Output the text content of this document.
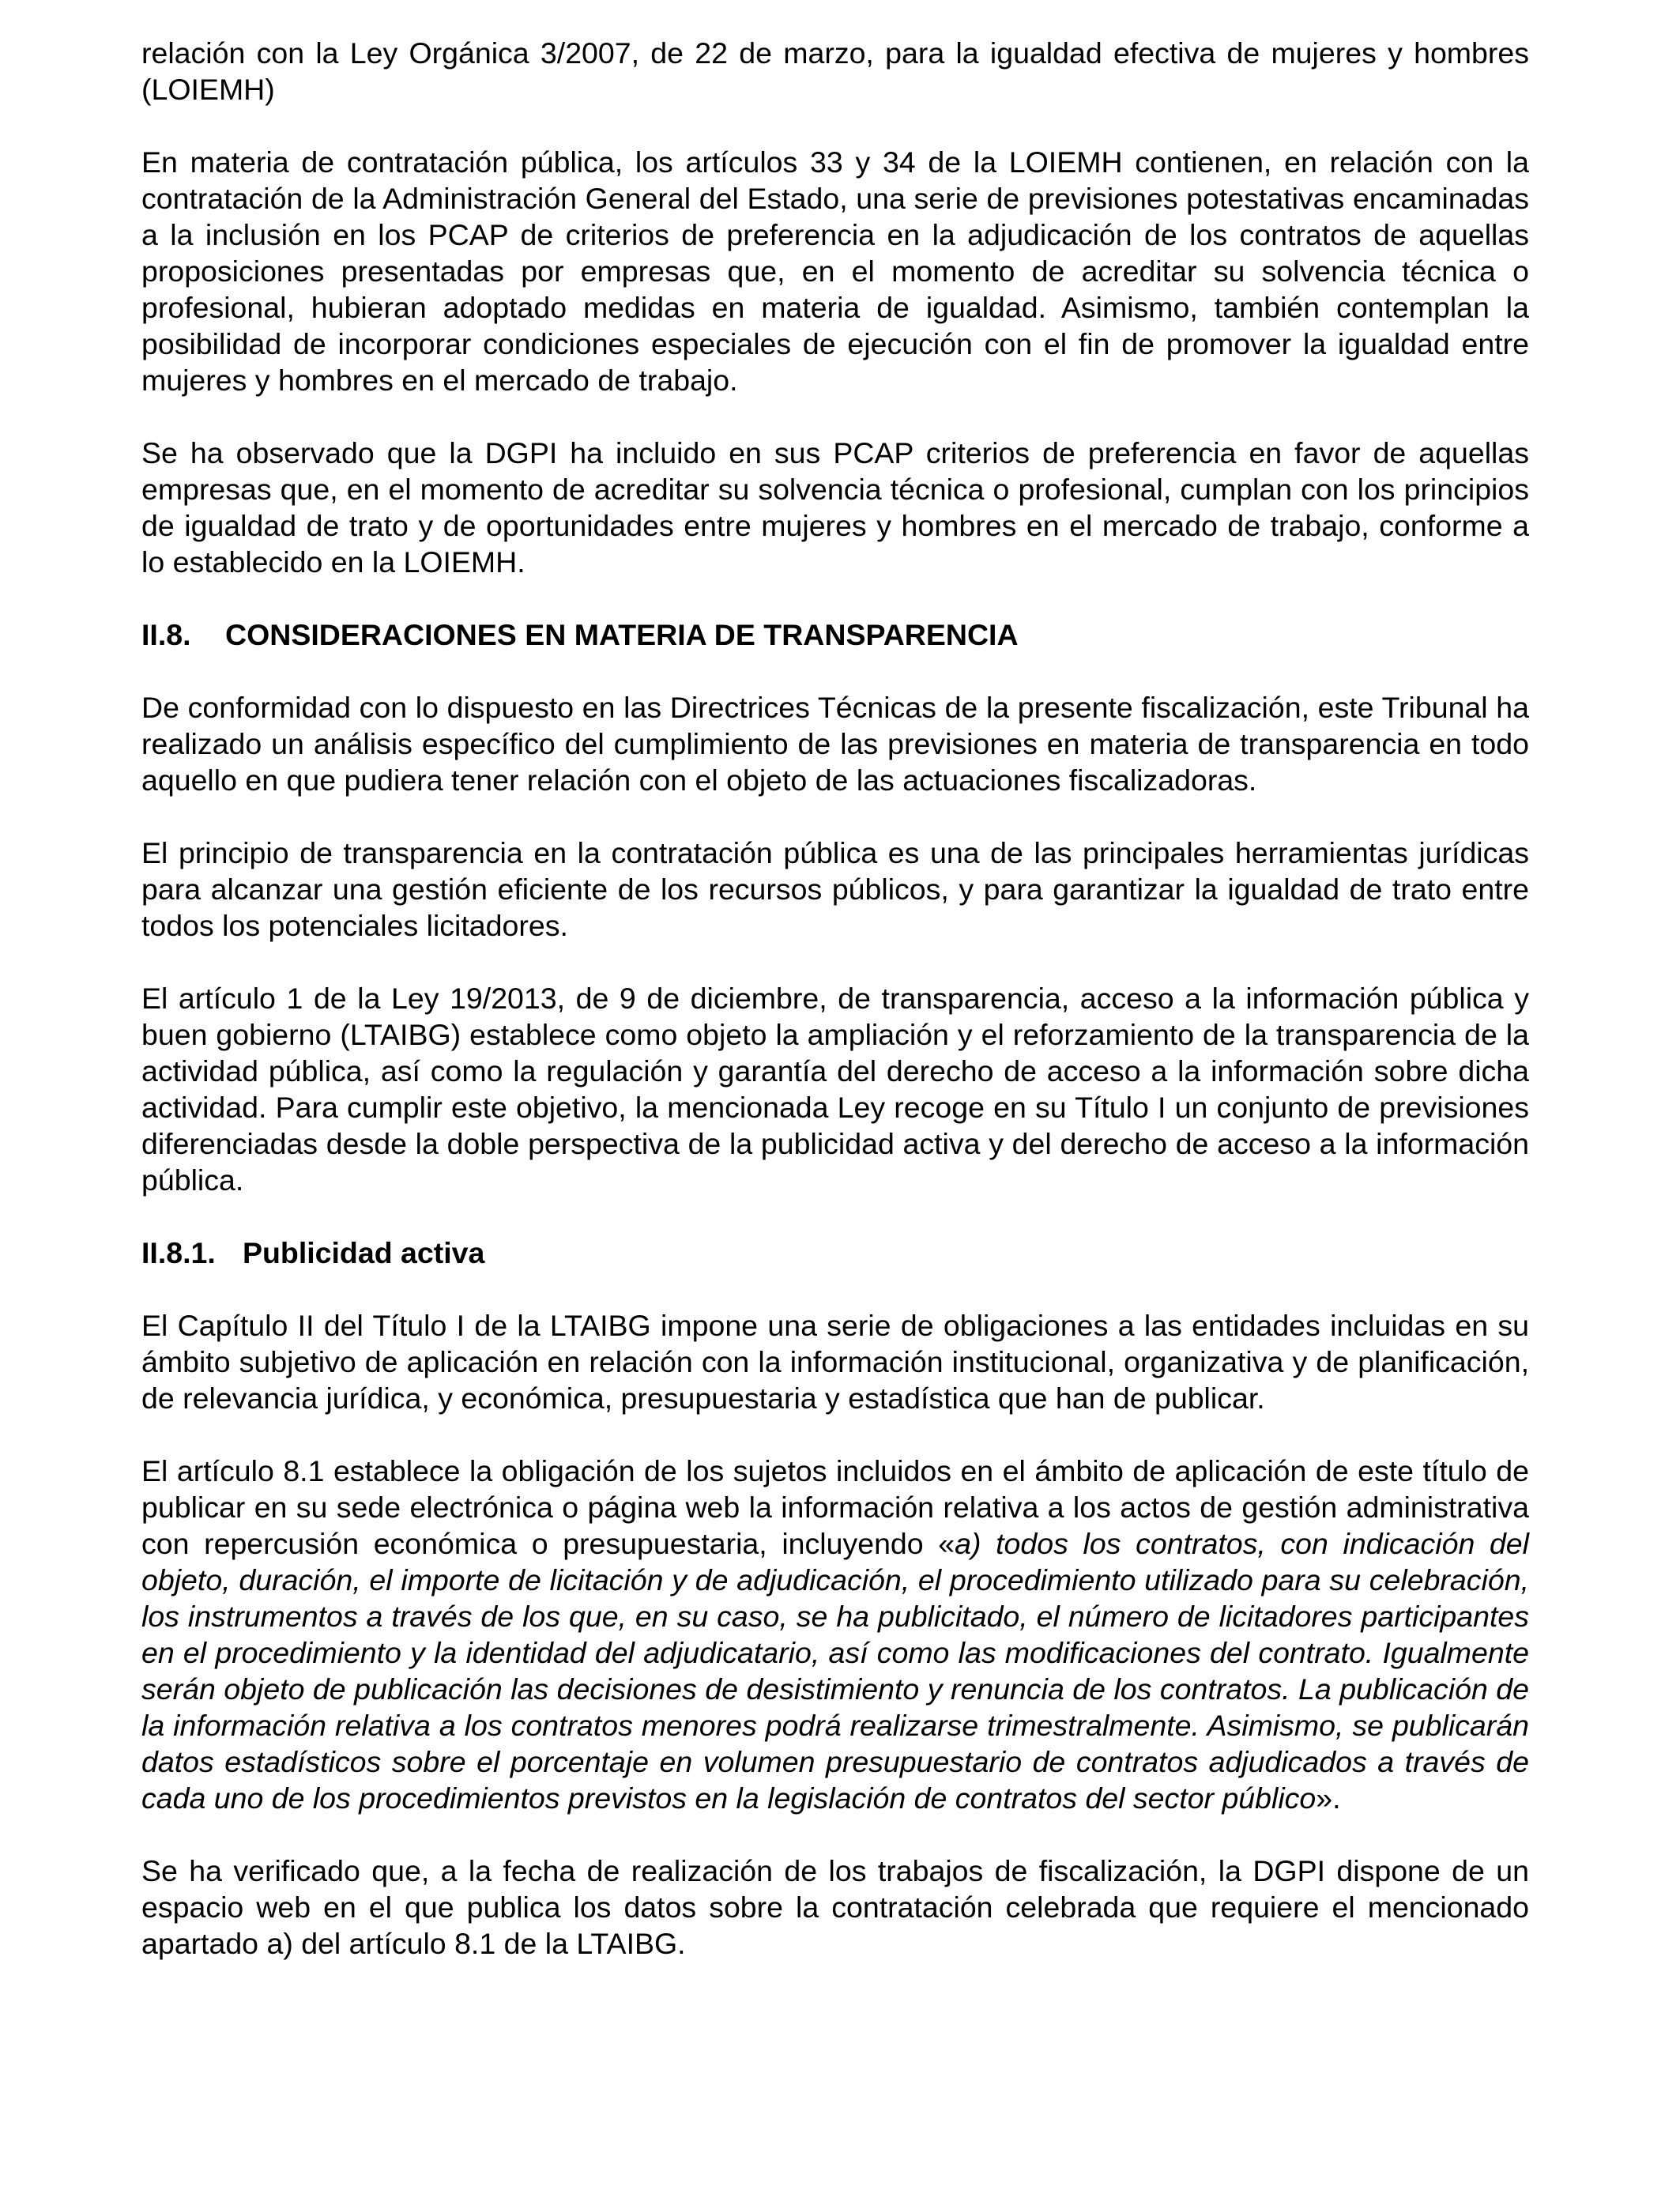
relación con la Ley Orgánica 3/2007, de 22 de marzo, para la igualdad efectiva de mujeres y hombres (LOIEMH)

En materia de contratación pública, los artículos 33 y 34 de la LOIEMH contienen, en relación con la contratación de la Administración General del Estado, una serie de previsiones potestativas encaminadas a la inclusión en los PCAP de criterios de preferencia en la adjudicación de los contratos de aquellas proposiciones presentadas por empresas que, en el momento de acreditar su solvencia técnica o profesional, hubieran adoptado medidas en materia de igualdad. Asimismo, también contemplan la posibilidad de incorporar condiciones especiales de ejecución con el fin de promover la igualdad entre mujeres y hombres en el mercado de trabajo.

Se ha observado que la DGPI ha incluido en sus PCAP criterios de preferencia en favor de aquellas empresas que, en el momento de acreditar su solvencia técnica o profesional, cumplan con los principios de igualdad de trato y de oportunidades entre mujeres y hombres en el mercado de trabajo, conforme a lo establecido en la LOIEMH.

II.8. CONSIDERACIONES EN MATERIA DE TRANSPARENCIA

De conformidad con lo dispuesto en las Directrices Técnicas de la presente fiscalización, este Tribunal ha realizado un análisis específico del cumplimiento de las previsiones en materia de transparencia en todo aquello en que pudiera tener relación con el objeto de las actuaciones fiscalizadoras.

El principio de transparencia en la contratación pública es una de las principales herramientas jurídicas para alcanzar una gestión eficiente de los recursos públicos, y para garantizar la igualdad de trato entre todos los potenciales licitadores.

El artículo 1 de la Ley 19/2013, de 9 de diciembre, de transparencia, acceso a la información pública y buen gobierno (LTAIBG) establece como objeto la ampliación y el reforzamiento de la transparencia de la actividad pública, así como la regulación y garantía del derecho de acceso a la información sobre dicha actividad. Para cumplir este objetivo, la mencionada Ley recoge en su Título I un conjunto de previsiones diferenciadas desde la doble perspectiva de la publicidad activa y del derecho de acceso a la información pública.

II.8.1. Publicidad activa

El Capítulo II del Título I de la LTAIBG impone una serie de obligaciones a las entidades incluidas en su ámbito subjetivo de aplicación en relación con la información institucional, organizativa y de planificación, de relevancia jurídica, y económica, presupuestaria y estadística que han de publicar.

El artículo 8.1 establece la obligación de los sujetos incluidos en el ámbito de aplicación de este título de publicar en su sede electrónica o página web la información relativa a los actos de gestión administrativa con repercusión económica o presupuestaria, incluyendo «a) todos los contratos, con indicación del objeto, duración, el importe de licitación y de adjudicación, el procedimiento utilizado para su celebración, los instrumentos a través de los que, en su caso, se ha publicitado, el número de licitadores participantes en el procedimiento y la identidad del adjudicatario, así como las modificaciones del contrato. Igualmente serán objeto de publicación las decisiones de desistimiento y renuncia de los contratos. La publicación de la información relativa a los contratos menores podrá realizarse trimestralmente. Asimismo, se publicarán datos estadísticos sobre el porcentaje en volumen presupuestario de contratos adjudicados a través de cada uno de los procedimientos previstos en la legislación de contratos del sector público».

Se ha verificado que, a la fecha de realización de los trabajos de fiscalización, la DGPI dispone de un espacio web en el que publica los datos sobre la contratación celebrada que requiere el mencionado apartado a) del artículo 8.1 de la LTAIBG.
